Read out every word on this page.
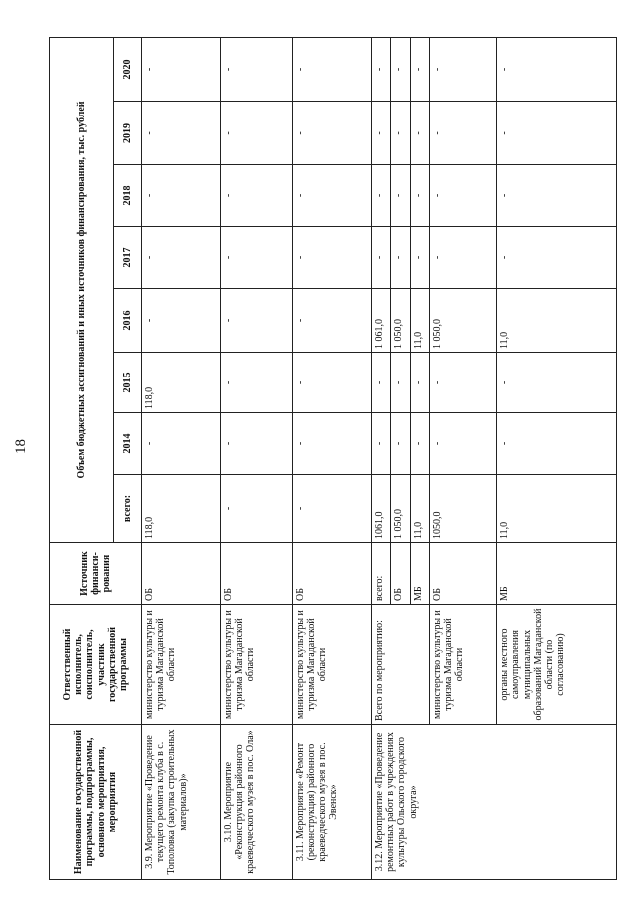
18
Наименование государственной программы, подпрограммы, основного мероприятия, мероприятия	Ответственный исполнитель, соисполнитель, участник государственной программы	Источник финанси-рования	Объем бюджетных ассигнований и иных источников финансирования, тыс. рублей							
			всего:	2014	2015	2016	2017	2018	2019	2020
3.9. Мероприятие «Проведение текущего ремонта клуба в с. Тополовка (закупка строительных материалов)»	министерство культуры и туризма Магаданской области	ОБ	118,0	-	118,0	-	-	-	-	-
3.10. Мероприятие «Реконструкция районного краеведческого музея в пос. Ола»	министерство культуры и туризма Магаданской области	ОБ	-	-	-	-	-	-	-	-
3.11. Мероприятие «Ремонт (реконструкция) районного краеведческого музея в пос. Эвенск»	министерство культуры и туризма Магаданской области	ОБ	-	-	-	-	-	-	-	-
3.12. Мероприятие «Проведение ремонтных работ в учреждениях культуры Ольского городского округа»	Всего по мероприятию:	всего:	1061,0	-	-	1 061,0	-	-	-	-
		ОБ	1 050,0	-	-	1 050,0	-	-	-	-
		МБ	11,0	-	-	11,0	-	-	-	-
	министерство культуры и туризма Магаданской области	ОБ	1050,0	-	-	1 050,0	-	-	-	-
	органы местного самоуправления муниципальных образований Магаданской области (по согласованию)	МБ	11,0	-	-	11,0	-	-	-	-
